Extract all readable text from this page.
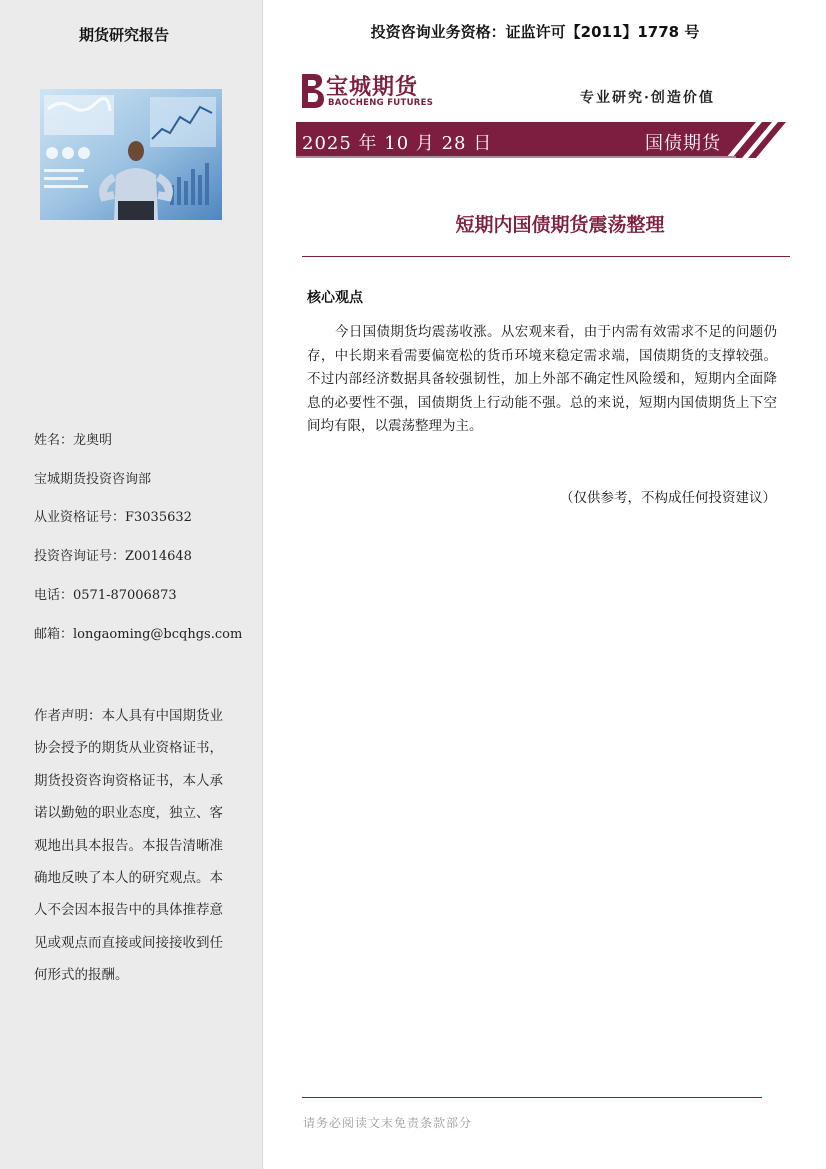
期货研究报告
姓名：龙奥明
宝城期货投资咨询部
从业资格证号：F3035632
投资咨询证号：Z0014648
电话：0571-87006873
邮箱：longaoming@bcqhgs.com
作者声明：本人具有中国期货业协会授予的期货从业资格证书，期货投资咨询资格证书，本人承诺以勤勉的职业态度，独立、客观地出具本报告。本报告清晰准确地反映了本人的研究观点。本人不会因本报告中的具体推荐意见或观点而直接或间接接收到任何形式的报酬。
投资咨询业务资格：证监许可【2011】1778 号
宝城期货
BAOCHENG FUTURES	专业研究·创造价值
2025 年 10 月 28 日	国债期货
短期内国债期货震荡整理
核心观点
今日国债期货均震荡收涨。从宏观来看，由于内需有效需求不足的问题仍存，中长期来看需要偏宽松的货币环境来稳定需求端，国债期货的支撑较强。不过内部经济数据具备较强韧性，加上外部不确定性风险缓和，短期内全面降息的必要性不强，国债期货上行动能不强。总的来说，短期内国债期货上下空间均有限，以震荡整理为主。
（仅供参考，不构成任何投资建议）
请务必阅读文末免责条款部分
